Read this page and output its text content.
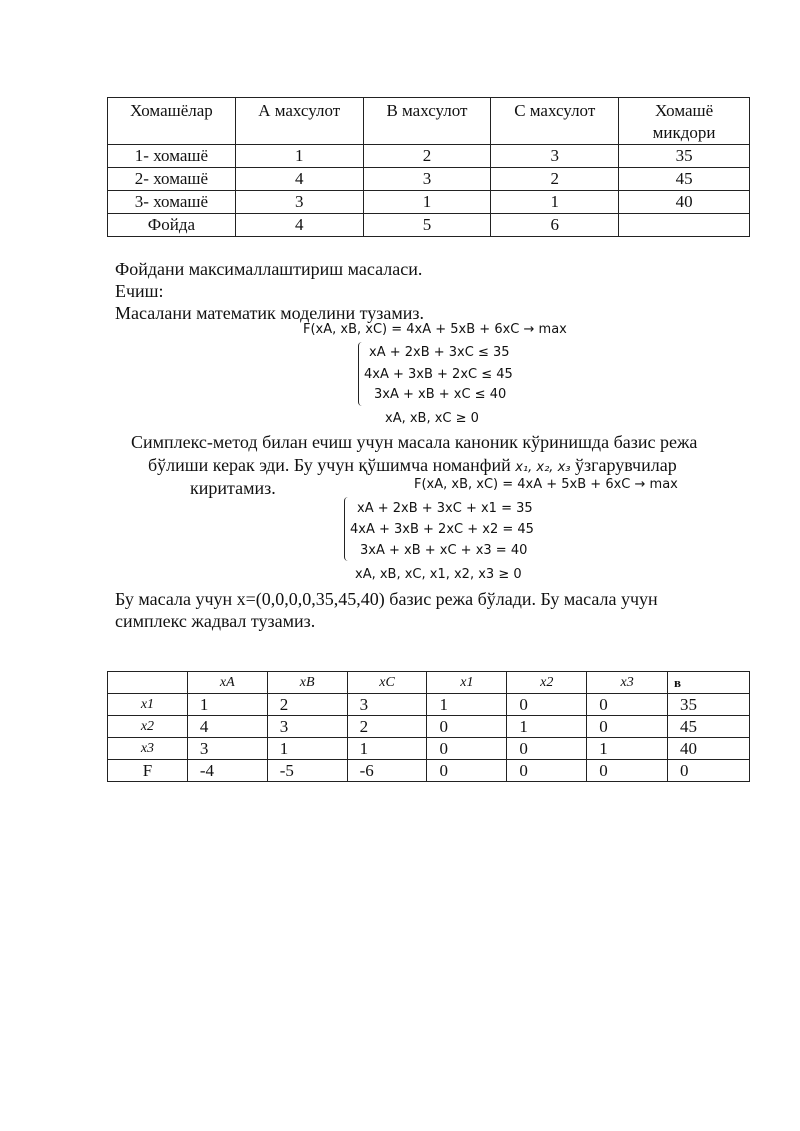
Хомашёлар	А махсулот	В махсулот	С махсулот	Хомашё микдори
1- хомашё	1	2	3	35
2- хомашё	4	3	2	45
3- хомашё	3	1	1	40
Фойда	4	5	6	
Фойдани максималлаштириш масаласи.
Ечиш:
Масалани математик моделини тузамиз.
F(xA, xB, xC) = 4xA + 5xB + 6xC → max
xA + 2xB + 3xC ≤ 35
4xA + 3xB + 2xC ≤ 45
3xA + xB + xC ≤ 40
xA, xB, xC ≥ 0
Симплекс-метод билан ечиш учун масала каноник кўринишда базис режа
бўлиши керак эди. Бу учун қўшимча номанфий x₁, x₂, x₃ ўзгарувчилар
киритамиз.	F(xA, xB, xC) = 4xA + 5xB + 6xC → max
xA + 2xB + 3xC + x1 = 35
4xA + 3xB + 2xC + x2 = 45
3xA + xB + xC + x3 = 40
xA, xB, xC, x1, x2, x3 ≥ 0
Бу масала учун x=(0,0,0,0,35,45,40) базис режа бўлади. Бу масала учун
симплекс жадвал тузамиз.
	xA	xB	xC	x1	x2	x3	в
x1	1	2	3	1	0	0	35
x2	4	3	2	0	1	0	45
x3	3	1	1	0	0	1	40
F	-4	-5	-6	0	0	0	0
